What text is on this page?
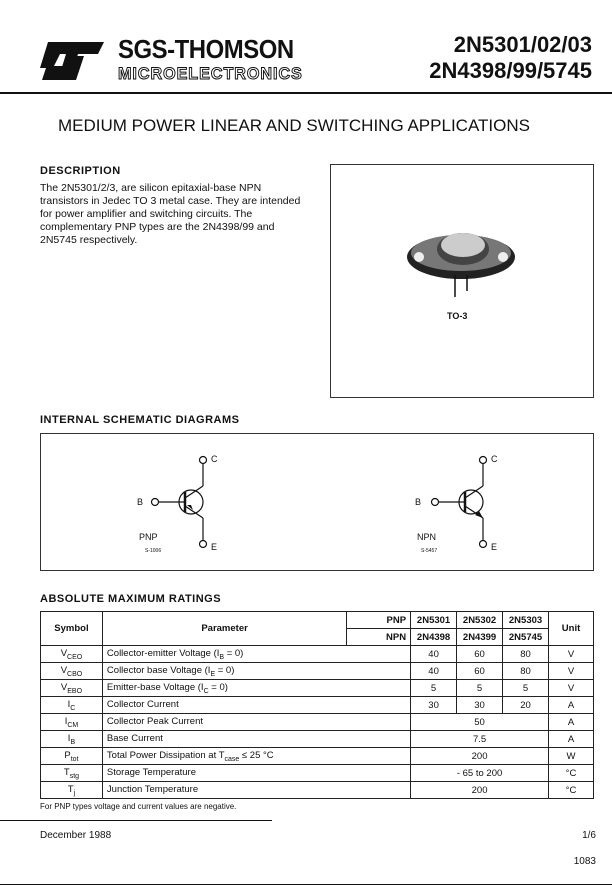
SGS-THOMSON
MICROELECTRONICS
2N5301/02/03
2N4398/99/5745
MEDIUM POWER LINEAR AND SWITCHING APPLICATIONS
DESCRIPTION
The 2N5301/2/3, are silicon epitaxial-base NPN transistors in Jedec TO 3 metal case. They are intended for power amplifier and switching circuits. The complementary PNP types are the 2N4398/99 and 2N5745 respectively.
TO-3
INTERNAL SCHEMATIC DIAGRAMS
C
B
E
PNP
S-1006
C
B
E
NPN
S-5457
ABSOLUTE MAXIMUM RATINGS
Symbol	Parameter	PNP	2N5301	2N5302	2N5303	Unit
		NPN	2N4398	2N4399	2N5745	
$V_{CEO}$	Collector-emitter Voltage $(I_B = 0)$		40	60	80	V
$V_{CBO}$	Collector base Voltage $(I_E = 0)$		40	60	80	V
$V_{EBO}$	Emitter-base Voltage $(I_C = 0)$		5	5	5	V
$I_C$	Collector Current		30	30	20	A
$I_{CM}$	Collector Peak Current		50			A
$I_B$	Base Current		7.5			A
$P_{tot}$	Total Power Dissipation at $T_{case} \le 25$ °C		200			W
$T_{stg}$	Storage Temperature		- 65 to 200			°C
$T_j$	Junction Temperature		200			°C
For PNP types voltage and current values are negative.
December 1988	1/6
1083
